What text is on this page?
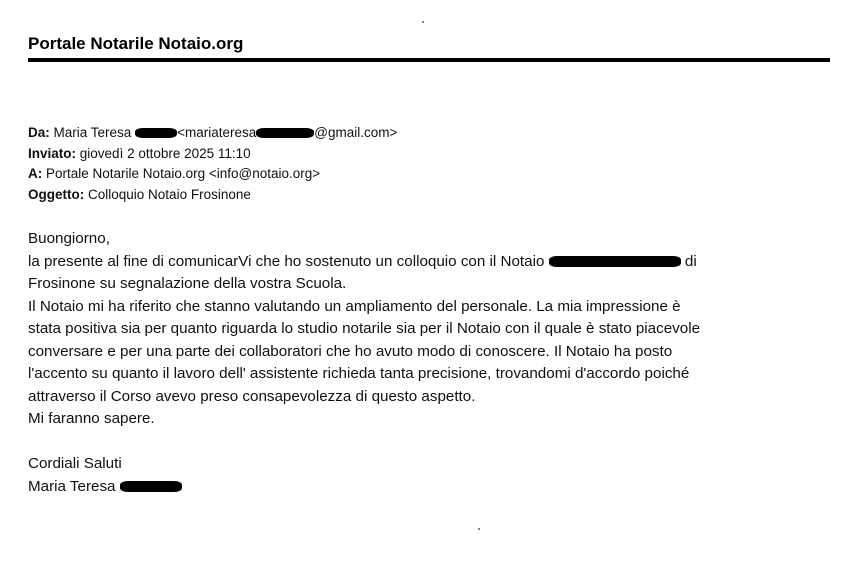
Portale Notarile Notaio.org
Da: Maria Teresa	<mariateresa	@gmail.com>
Inviato: giovedì 2 ottobre 2025 11:10
A: Portale Notarile Notaio.org <info@notaio.org>
Oggetto: Colloquio Notaio Frosinone

Buongiorno,

la presente al fine di comunicarVi che ho sostenuto un colloquio con il Notaio	di

Frosinone su segnalazione della vostra Scuola.

Il Notaio mi ha riferito che stanno valutando un ampliamento del personale. La mia impressione è

stata positiva sia per quanto riguarda lo studio notarile sia per il Notaio con il quale è stato piacevole

conversare e per una parte dei collaboratori che ho avuto modo di conoscere. Il Notaio ha posto

l'accento su quanto il lavoro dell' assistente richieda tanta precisione, trovandomi d'accordo poiché

attraverso il Corso avevo preso consapevolezza di questo aspetto.

Mi faranno sapere.

Cordiali Saluti

Maria Teresa
